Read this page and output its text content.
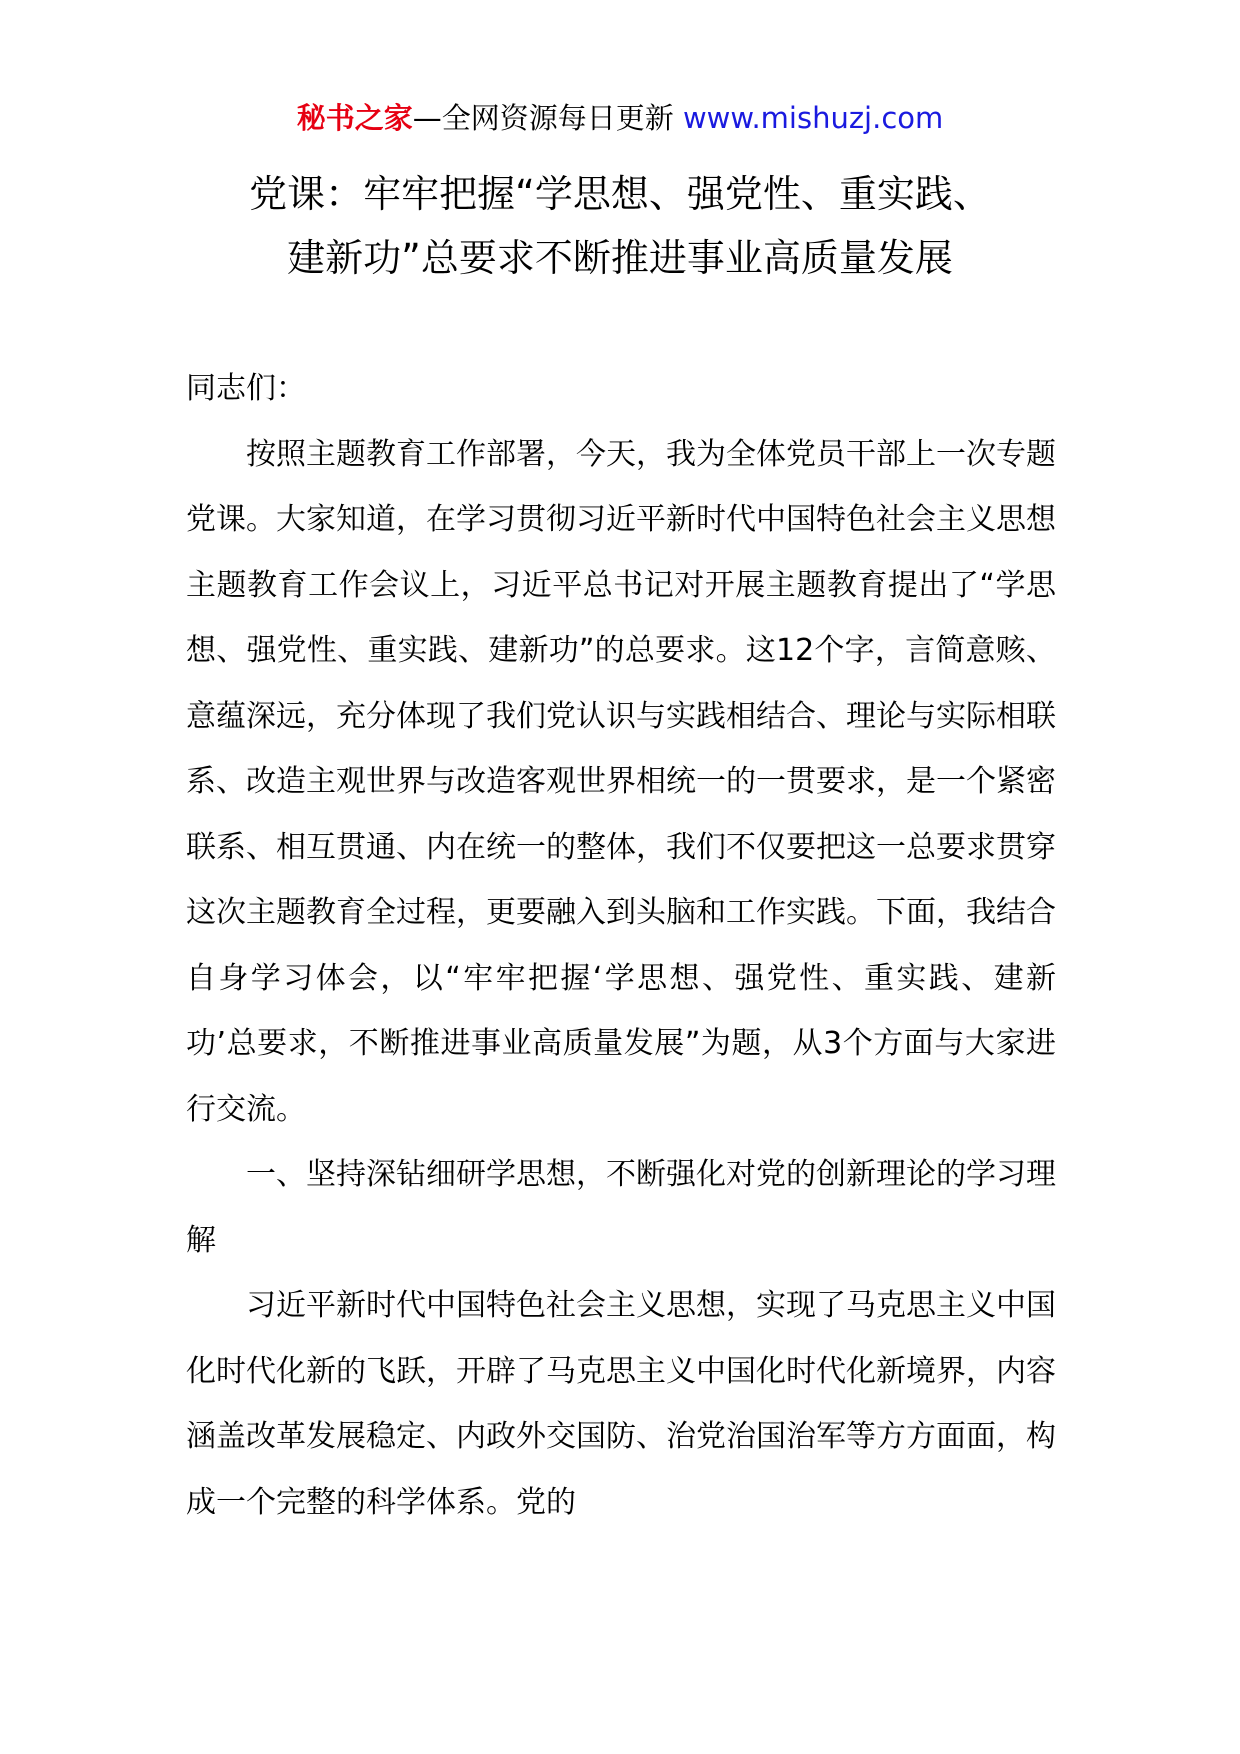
秘书之家—全网资源每日更新 www.mishuzj.com
党课：牢牢把握“学思想、强党性、重实践、
建新功”总要求不断推进事业高质量发展

同志们：

按照主题教育工作部署，今天，我为全体党员干部上一次专题党课。大家知道，在学习贯彻习近平新时代中国特色社会主义思想主题教育工作会议上，习近平总书记对开展主题教育提出了“学思想、强党性、重实践、建新功”的总要求。这12个字，言简意赅、意蕴深远，充分体现了我们党认识与实践相结合、理论与实际相联系、改造主观世界与改造客观世界相统一的一贯要求，是一个紧密联系、相互贯通、内在统一的整体，我们不仅要把这一总要求贯穿这次主题教育全过程，更要融入到头脑和工作实践。下面，我结合自身学习体会，以“牢牢把握‘学思想、强党性、重实践、建新功’总要求，不断推进事业高质量发展”为题，从3个方面与大家进行交流。

一、坚持深钻细研学思想，不断强化对党的创新理论的学习理解

习近平新时代中国特色社会主义思想，实现了马克思主义中国化时代化新的飞跃，开辟了马克思主义中国化时代化新境界，内容涵盖改革发展稳定、内政外交国防、治党治国治军等方方面面，构成一个完整的科学体系。党的
